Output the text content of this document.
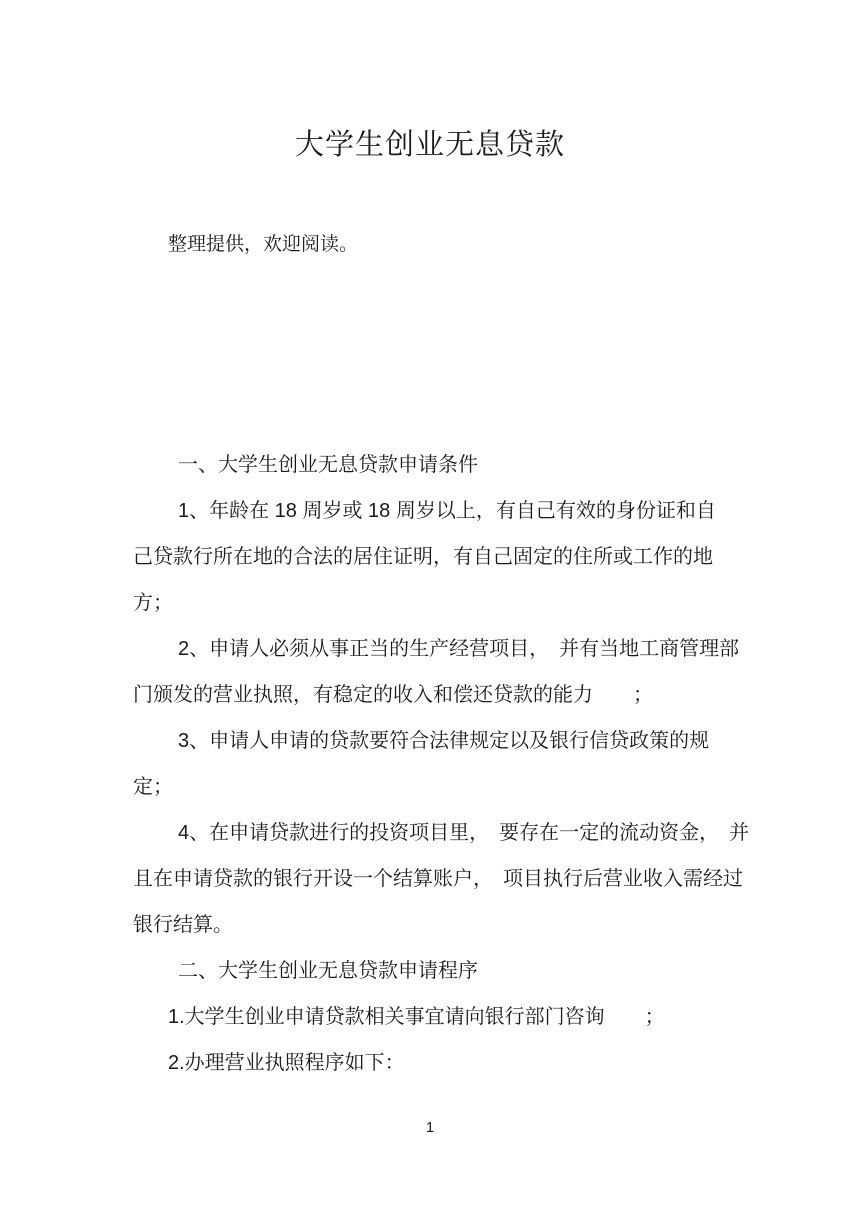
大学生创业无息贷款

整理提供，欢迎阅读。

一、大学生创业无息贷款申请条件
1、年龄在 18 周岁或 18 周岁以上，有自己有效的身份证和自
己贷款行所在地的合法的居住证明，有自己固定的住所或工作的地
方；
2、申请人必须从事正当的生产经营项目，　并有当地工商管理部
门颁发的营业执照，有稳定的收入和偿还贷款的能力　　；
3、申请人申请的贷款要符合法律规定以及银行信贷政策的规
定；
4、在申请贷款进行的投资项目里，　要存在一定的流动资金，　并
且在申请贷款的银行开设一个结算账户，　项目执行后营业收入需经过
银行结算。
二、大学生创业无息贷款申请程序
1.大学生创业申请贷款相关事宜请向银行部门咨询　　；
2.办理营业执照程序如下：
1
